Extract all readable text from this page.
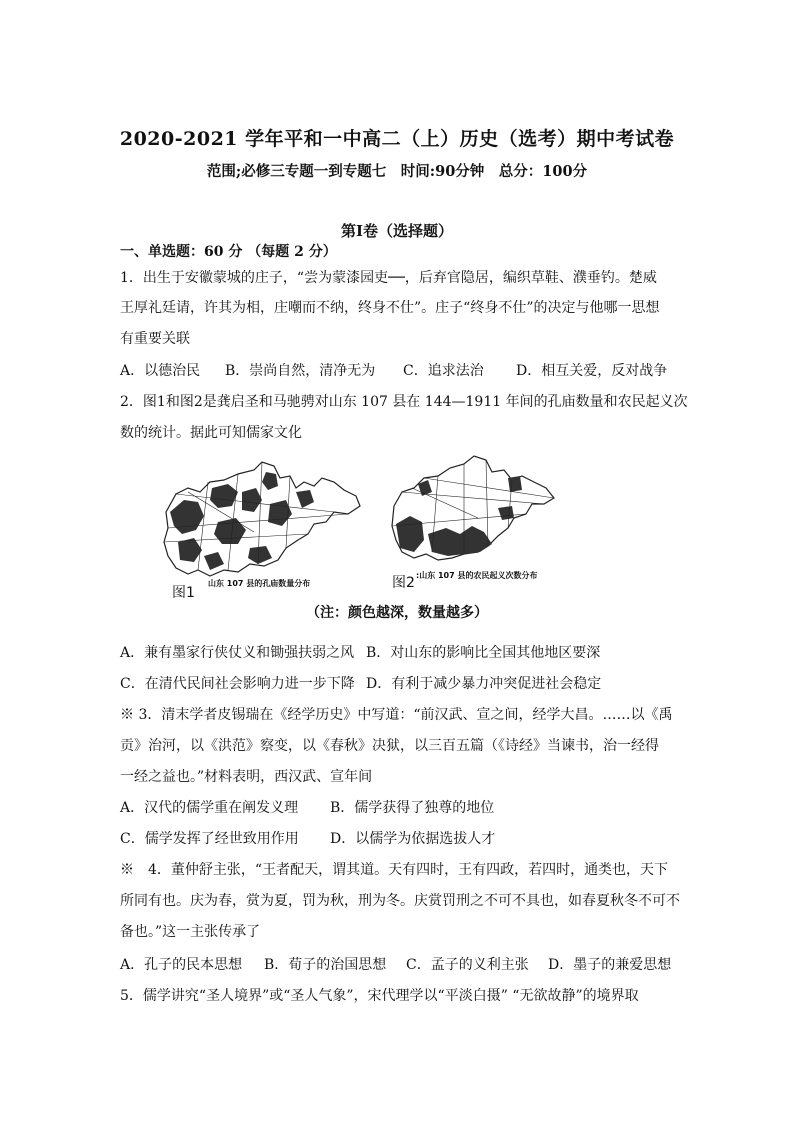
2020-2021 学年平和一中高二（上）历史（选考）期中考试卷
范围;必修三专题一到专题七　时间:90分钟　总分：100分
第Ⅰ卷（选择题）
一、单选题：60 分 （每题 2 分）
1．出生于安徽蒙城的庄子，“尝为蒙漆园吏──，后弃官隐居，编织草鞋、濮垂钓。楚威
王厚礼廷请，许其为相，庄嘲而不纳，终身不仕”。庄子“终身不仕”的决定与他哪一思想
有重要关联
A．以德治民 B．崇尚自然，清净无为 C．追求法治 D．相互关爱，反对战争
2．图1和图2是龚启圣和马驰骋对山东 107 县在 144—1911 年间的孔庙数量和农民起义次
数的统计。据此可知儒家文化
图1
山东 107 县的孔庙数量分布	图2 :山东 107 县的农民起义次数分布
（注：颜色越深，数量越多）
A．兼有墨家行侠仗义和锄强扶弱之风 B．对山东的影响比全国其他地区要深
C．在清代民间社会影响力进一步下降 D．有利于减少暴力冲突促进社会稳定
※ 3．清末学者皮锡瑞在《经学历史》中写道：“前汉武、宣之间，经学大昌。……以《禹
贡》治河，以《洪范》察变，以《春秋》决狱，以三百五篇（《诗经》当谏书，治一经得
一经之益也。”材料表明，西汉武、宣年间
A．汉代的儒学重在阐发义理 B．儒学获得了独尊的地位
C．儒学发挥了经世致用作用 D．以儒学为依据选拔人才
※　4．董仲舒主张，“王者配天，谓其道。天有四时，王有四政，若四时，通类也，天下
所同有也。庆为春，赏为夏，罚为秋，刑为冬。庆赏罚刑之不可不具也，如春夏秋冬不可不
备也。”这一主张传承了
A．孔子的民本思想 B．荀子的治国思想 C．孟子的义利主张 D．墨子的兼爱思想
5．儒学讲究“圣人境界”或“圣人气象”，宋代理学以“平淡白摄” “无欲故静”的境界取
